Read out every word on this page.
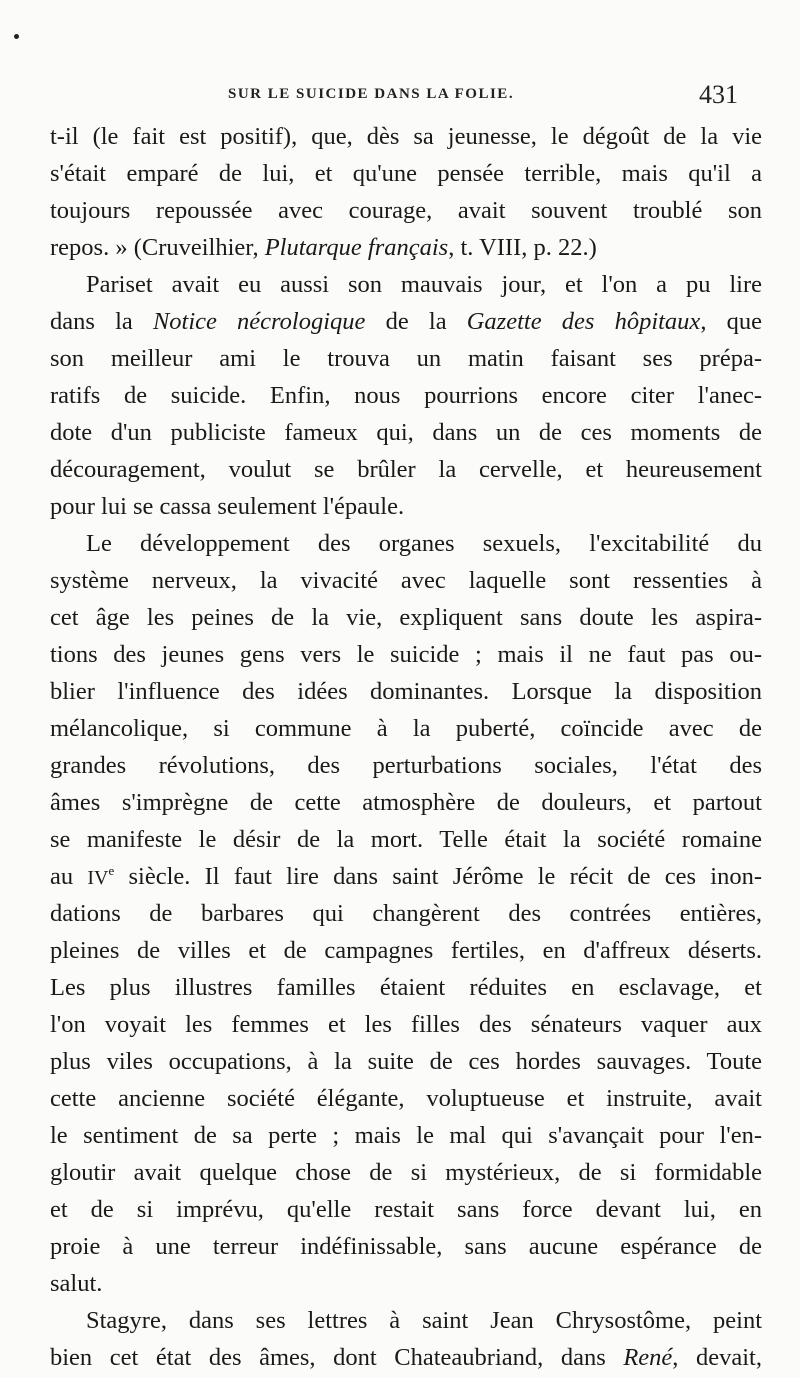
SUR LE SUICIDE DANS LA FOLIE.	431
t-il (le fait est positif), que, dès sa jeunesse, le dégoût de la vie
s'était emparé de lui, et qu'une pensée terrible, mais qu'il a
toujours repoussée avec courage, avait souvent troublé son
repos. » (Cruveilhier, Plutarque français, t. VIII, p. 22.)
Pariset avait eu aussi son mauvais jour, et l'on a pu lire
dans la Notice nécrologique de la Gazette des hôpitaux, que
son meilleur ami le trouva un matin faisant ses prépa-
ratifs de suicide. Enfin, nous pourrions encore citer l'anec-
dote d'un publiciste fameux qui, dans un de ces moments de
découragement, voulut se brûler la cervelle, et heureusement
pour lui se cassa seulement l'épaule.
Le développement des organes sexuels, l'excitabilité du
système nerveux, la vivacité avec laquelle sont ressenties à
cet âge les peines de la vie, expliquent sans doute les aspira-
tions des jeunes gens vers le suicide ; mais il ne faut pas ou-
blier l'influence des idées dominantes. Lorsque la disposition
mélancolique, si commune à la puberté, coïncide avec de
grandes révolutions, des perturbations sociales, l'état des
âmes s'imprègne de cette atmosphère de douleurs, et partout
se manifeste le désir de la mort. Telle était la société romaine
au IVe siècle. Il faut lire dans saint Jérôme le récit de ces inon-
dations de barbares qui changèrent des contrées entières,
pleines de villes et de campagnes fertiles, en d'affreux déserts.
Les plus illustres familles étaient réduites en esclavage, et
l'on voyait les femmes et les filles des sénateurs vaquer aux
plus viles occupations, à la suite de ces hordes sauvages. Toute
cette ancienne société élégante, voluptueuse et instruite, avait
le sentiment de sa perte ; mais le mal qui s'avançait pour l'en-
gloutir avait quelque chose de si mystérieux, de si formidable
et de si imprévu, qu'elle restait sans force devant lui, en
proie à une terreur indéfinissable, sans aucune espérance de
salut.
Stagyre, dans ses lettres à saint Jean Chrysostôme, peint
bien cet état des âmes, dont Chateaubriand, dans René, devait,
